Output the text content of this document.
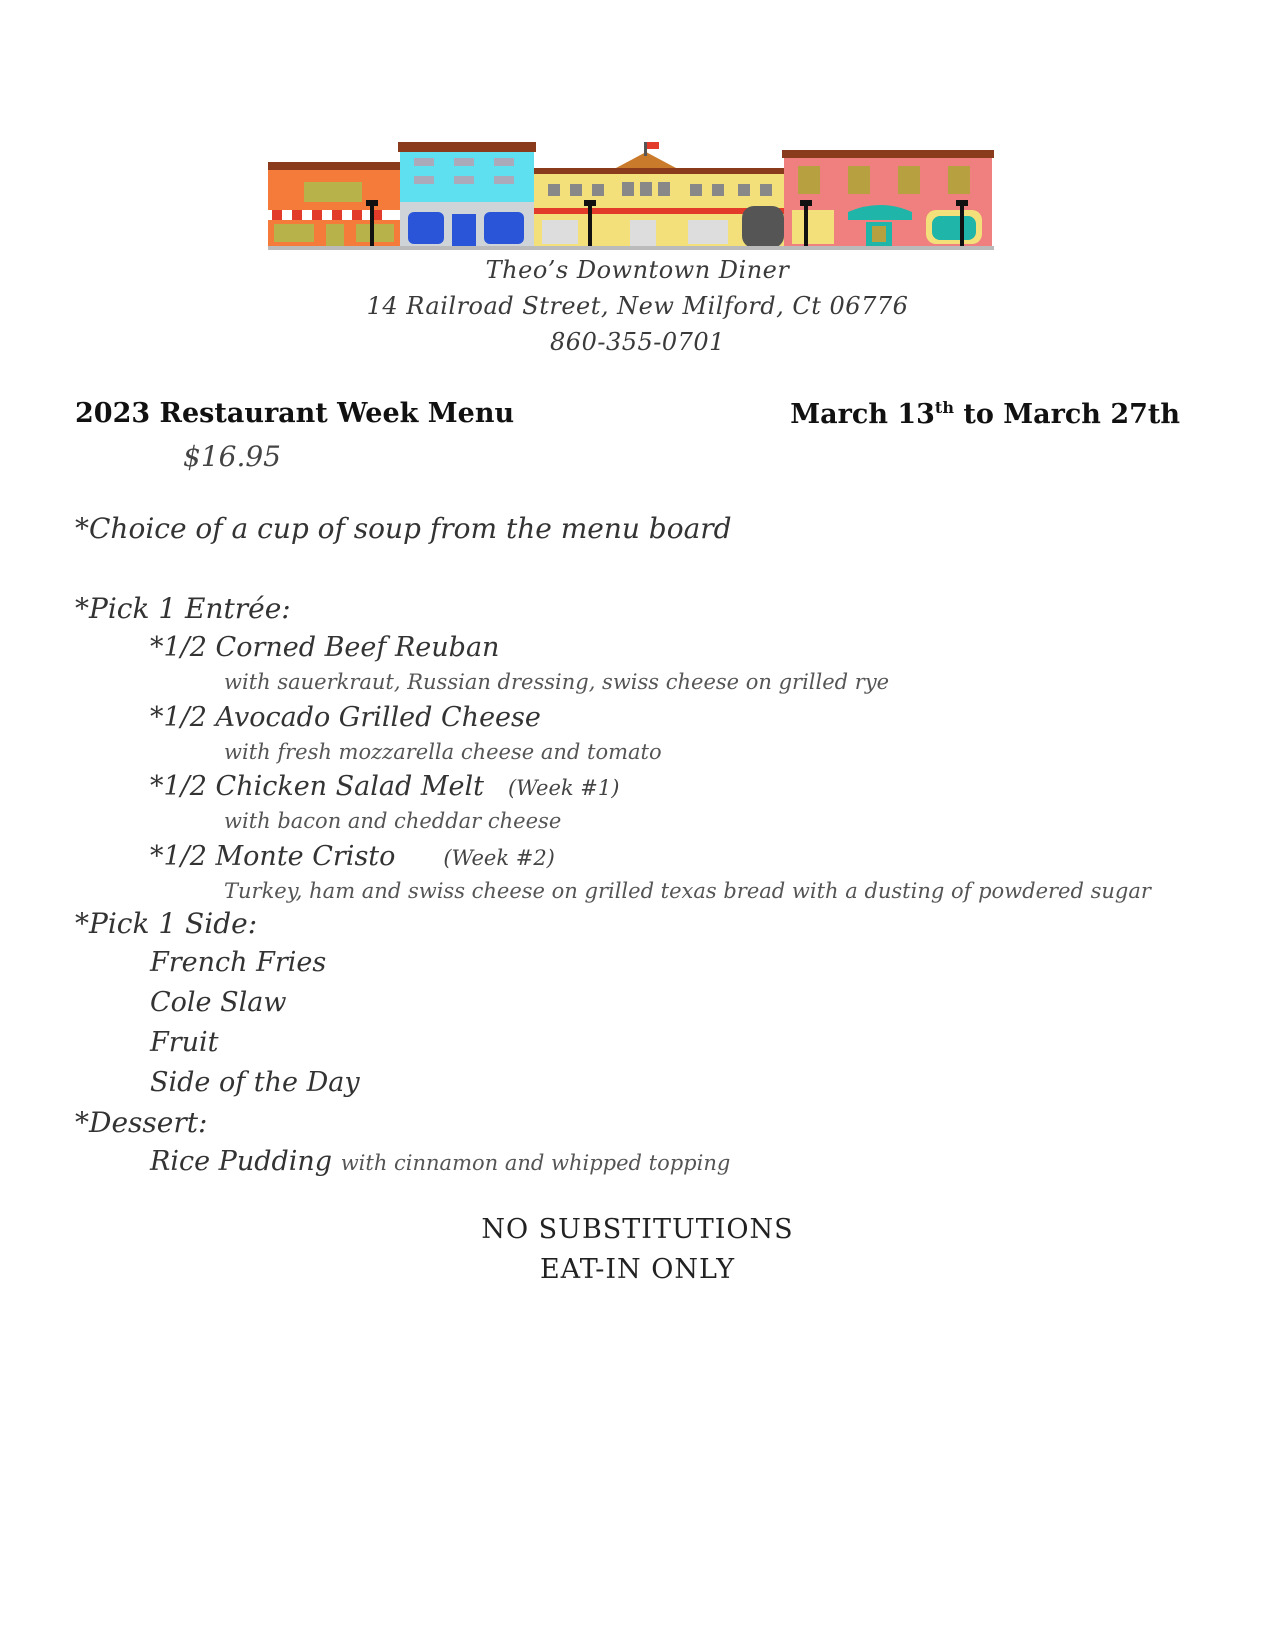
Theo’s Downtown Diner
14 Railroad Street, New Milford, Ct 06776
860-355-0701
2023 Restaurant Week Menu	March 13th to March 27th
$16.95
*Choice of a cup of soup from the menu board
*Pick 1 Entrée:
*1/2 Corned Beef Reuban
with sauerkraut, Russian dressing, swiss cheese on grilled rye
*1/2 Avocado Grilled Cheese
with fresh mozzarella cheese and tomato
*1/2 Chicken Salad Melt (Week #1)
with bacon and cheddar cheese
*1/2 Monte Cristo (Week #2)
Turkey, ham and swiss cheese on grilled texas bread with a dusting of powdered sugar
*Pick 1 Side:
French Fries
Cole Slaw
Fruit
Side of the Day
*Dessert:
Rice Pudding with cinnamon and whipped topping
NO SUBSTITUTIONS
EAT-IN ONLY
